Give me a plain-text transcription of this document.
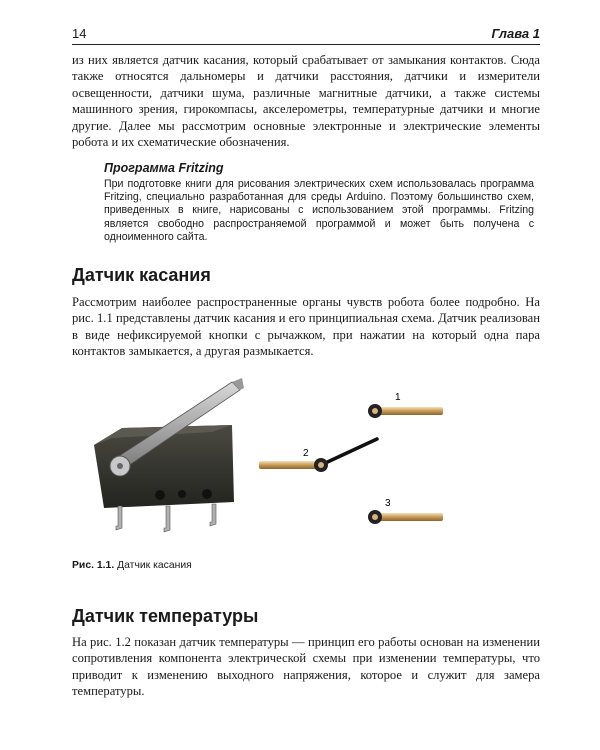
14	Глава 1

из них является датчик касания, который срабатывает от замыкания контактов. Сюда также относятся дальномеры и датчики расстояния, датчики и измерители освещенности, датчики шума, различные магнитные датчики, а также системы машинного зрения, гирокомпасы, акселерометры, температурные датчики и многие другие. Далее мы рассмотрим основные электронные и электрические элементы робота и их схематические обозначения.

Программа Fritzing

При подготовке книги для рисования электрических схем использовалась программа Fritzing, специально разработанная для среды Arduino. Поэтому большинство схем, приведенных в книге, нарисованы с использованием этой программы. Fritzing является свободно распространяемой программой и может быть получена с одноименного сайта.

Датчик касания

Рассмотрим наиболее распространенные органы чувств робота более подробно. На рис. 1.1 представлены датчик касания и его принципиальная схема. Датчик реализован в виде нефиксируемой кнопки с рычажком, при нажатии на который одна пара контактов замыкается, а другая размыкается.

1
2
3

Рис. 1.1. Датчик касания

Датчик температуры

На рис. 1.2 показан датчик температуры — принцип его работы основан на изменении сопротивления компонента электрической схемы при изменении температуры, что приводит к изменению выходного напряжения, которое и служит для замера температуры.
